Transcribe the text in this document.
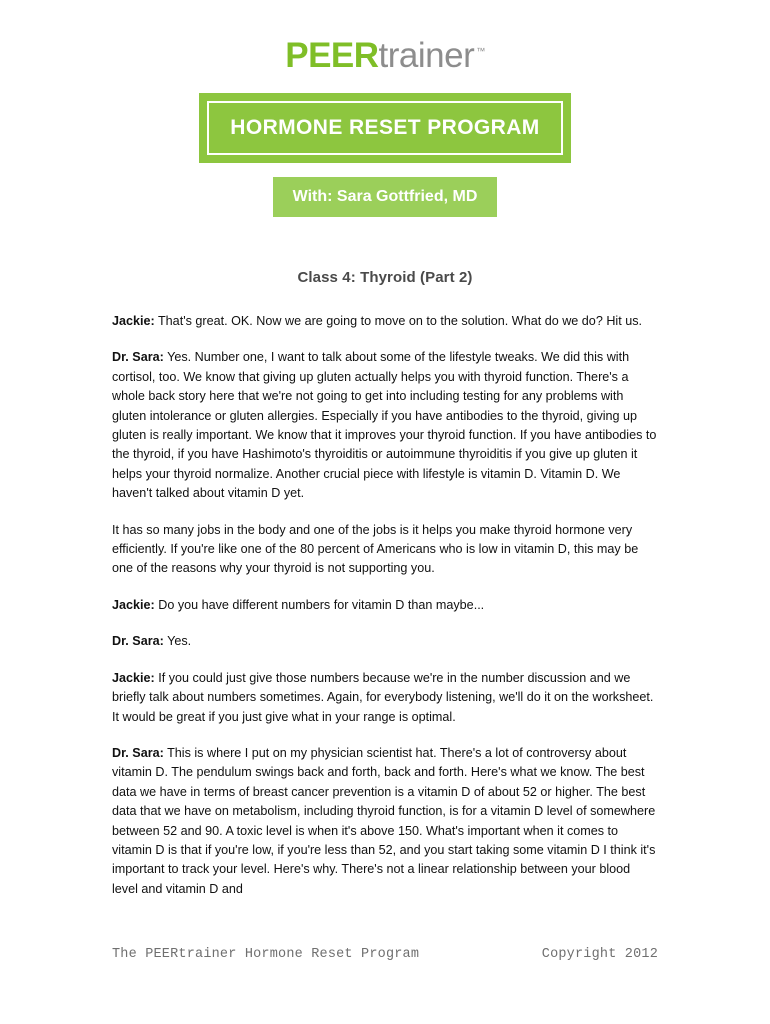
PEERtrainer ™
HORMONE RESET PROGRAM
With: Sara Gottfried, MD
Class 4: Thyroid (Part 2)

Jackie: That's great. OK. Now we are going to move on to the solution. What do we do? Hit us.

Dr. Sara: Yes. Number one, I want to talk about some of the lifestyle tweaks. We did this with cortisol, too. We know that giving up gluten actually helps you with thyroid function. There's a whole back story here that we're not going to get into including testing for any problems with gluten intolerance or gluten allergies. Especially if you have antibodies to the thyroid, giving up gluten is really important. We know that it improves your thyroid function. If you have antibodies to the thyroid, if you have Hashimoto's thyroiditis or autoimmune thyroiditis if you give up gluten it helps your thyroid normalize. Another crucial piece with lifestyle is vitamin D. Vitamin D. We haven't talked about vitamin D yet.

It has so many jobs in the body and one of the jobs is it helps you make thyroid hormone very efficiently. If you're like one of the 80 percent of Americans who is low in vitamin D, this may be one of the reasons why your thyroid is not supporting you.

Jackie: Do you have different numbers for vitamin D than maybe...

Dr. Sara: Yes.

Jackie: If you could just give those numbers because we're in the number discussion and we briefly talk about numbers sometimes. Again, for everybody listening, we'll do it on the worksheet. It would be great if you just give what in your range is optimal.

Dr. Sara: This is where I put on my physician scientist hat. There's a lot of controversy about vitamin D. The pendulum swings back and forth, back and forth. Here's what we know. The best data we have in terms of breast cancer prevention is a vitamin D of about 52 or higher. The best data that we have on metabolism, including thyroid function, is for a vitamin D level of somewhere between 52 and 90. A toxic level is when it's above 150. What's important when it comes to vitamin D is that if you're low, if you're less than 52, and you start taking some vitamin D I think it's important to track your level. Here's why. There's not a linear relationship between your blood level and vitamin D and

The PEERtrainer Hormone Reset Program	Copyright 2012
